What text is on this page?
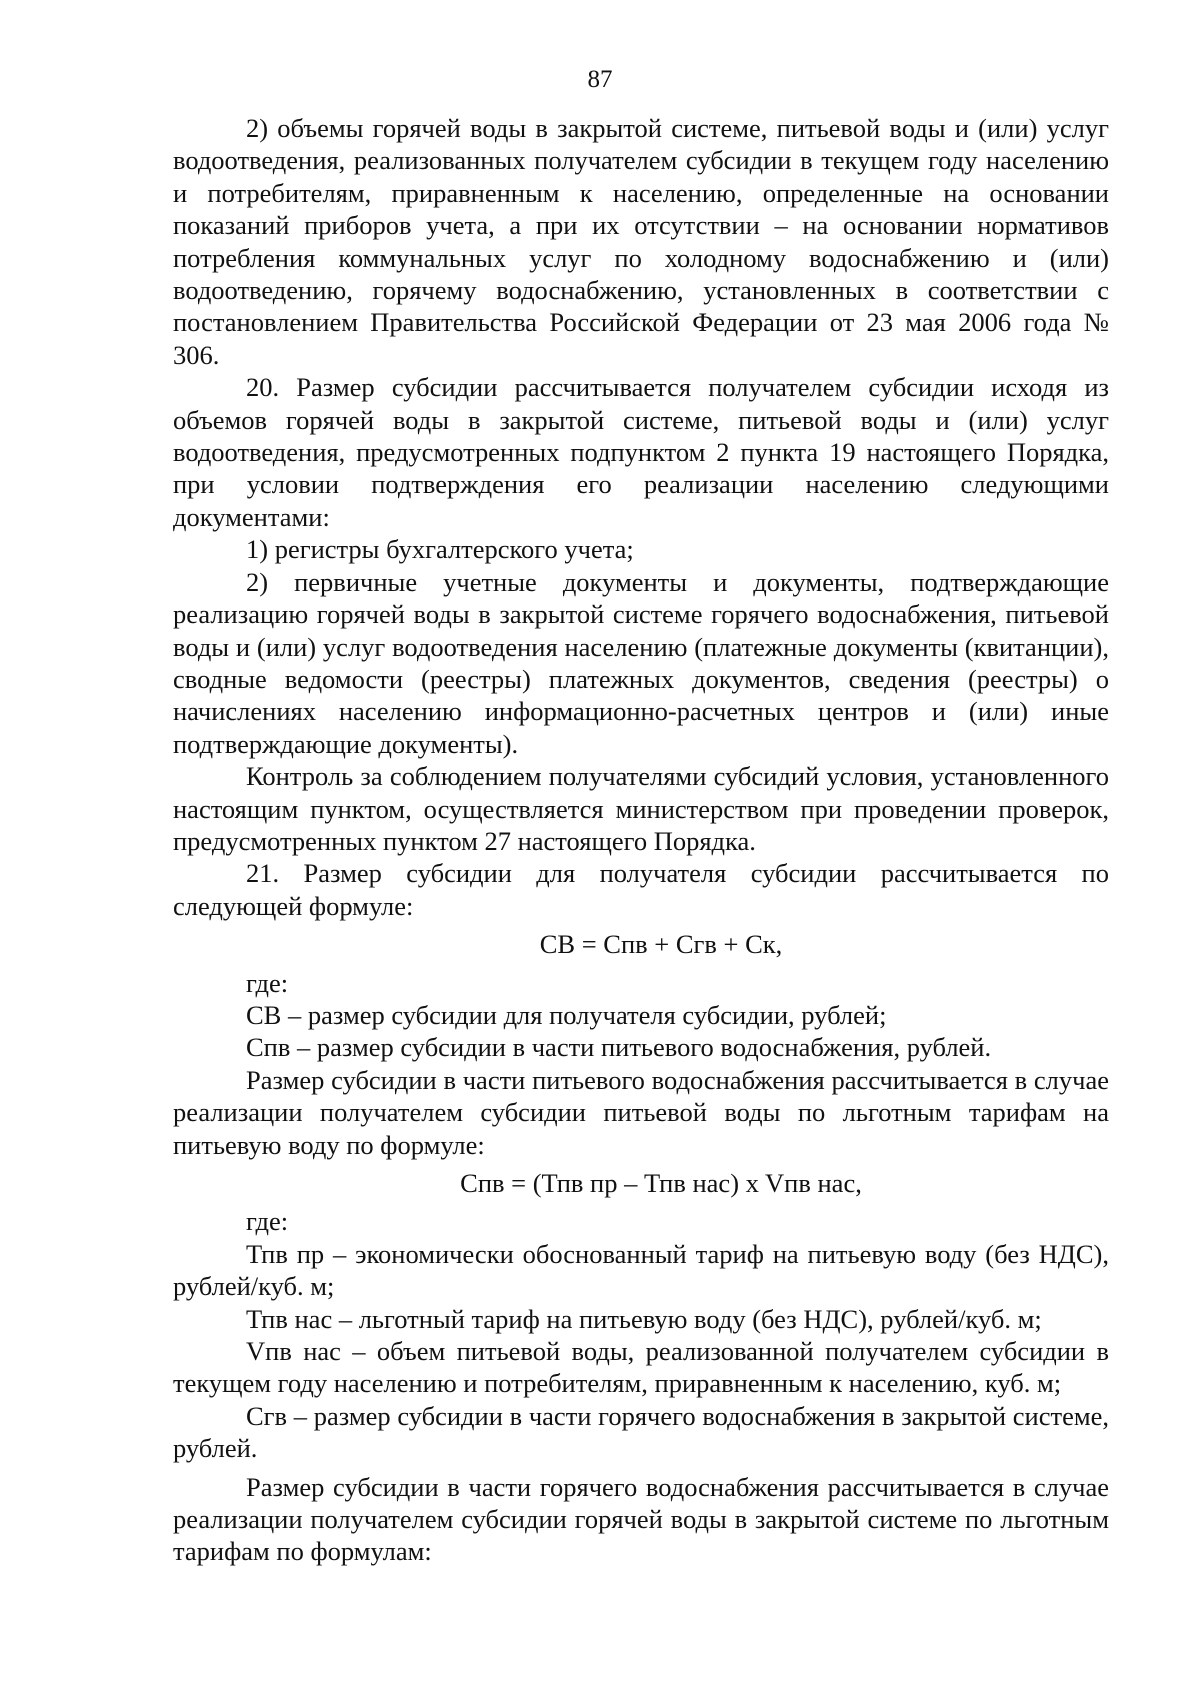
87

2) объемы горячей воды в закрытой системе, питьевой воды и (или) услуг водоотведения, реализованных получателем субсидии в текущем году населению и потребителям, приравненным к населению, определенные на основании показаний приборов учета, а при их отсутствии – на основании нормативов потребления коммунальных услуг по холодному водоснабжению и (или) водоотведению, горячему водоснабжению, установленных в соответствии с постановлением Правительства Российской Федерации от 23 мая 2006 года № 306.

20. Размер субсидии рассчитывается получателем субсидии исходя из объемов горячей воды в закрытой системе, питьевой воды и (или) услуг водоотведения, предусмотренных подпунктом 2 пункта 19 настоящего Порядка, при условии подтверждения его реализации населению следующими документами:

1) регистры бухгалтерского учета;

2) первичные учетные документы и документы, подтверждающие реализацию горячей воды в закрытой системе горячего водоснабжения, питьевой воды и (или) услуг водоотведения населению (платежные документы (квитанции), сводные ведомости (реестры) платежных документов, сведения (реестры) о начислениях населению информационно-расчетных центров и (или) иные подтверждающие документы).

Контроль за соблюдением получателями субсидий условия, установленного настоящим пунктом, осуществляется министерством при проведении проверок, предусмотренных пунктом 27 настоящего Порядка.

21. Размер субсидии для получателя субсидии рассчитывается по следующей формуле:

СВ = Спв + Сгв + Ск,

где:

СВ – размер субсидии для получателя субсидии, рублей;

Спв – размер субсидии в части питьевого водоснабжения, рублей.

Размер субсидии в части питьевого водоснабжения рассчитывается в случае реализации получателем субсидии питьевой воды по льготным тарифам на питьевую воду по формуле:

Спв = (Тпв пр – Тпв нас) x Vпв нас,

где:

Тпв пр – экономически обоснованный тариф на питьевую воду (без НДС), рублей/куб. м;

Тпв нас – льготный тариф на питьевую воду (без НДС), рублей/куб. м;

Vпв нас – объем питьевой воды, реализованной получателем субсидии в текущем году населению и потребителям, приравненным к населению, куб. м;

Сгв – размер субсидии в части горячего водоснабжения в закрытой системе, рублей.

Размер субсидии в части горячего водоснабжения рассчитывается в случае реализации получателем субсидии горячей воды в закрытой системе по льготным тарифам по формулам:
